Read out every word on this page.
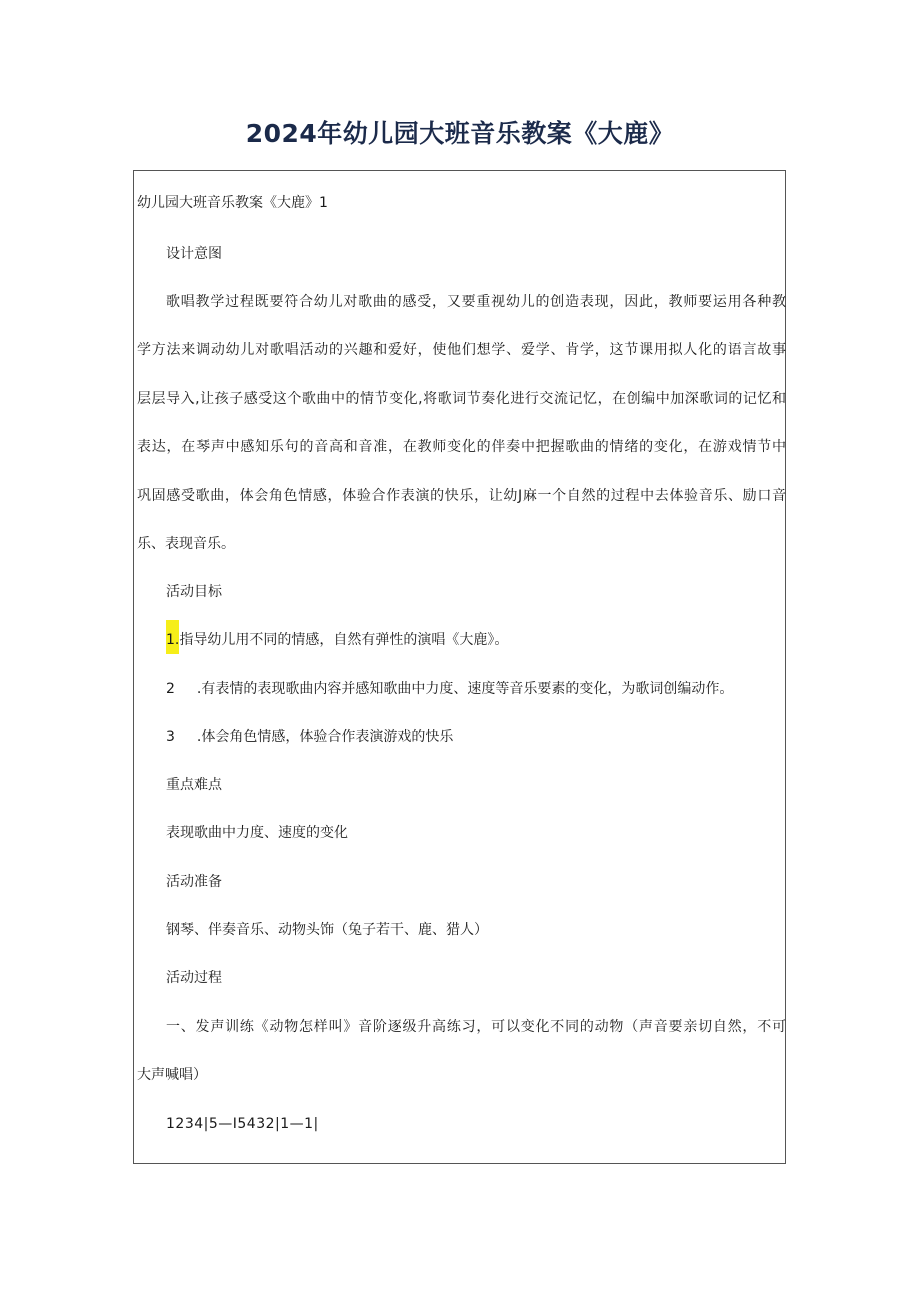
2024年幼儿园大班音乐教案《大鹿》

幼儿园大班音乐教案《大鹿》1

设计意图

歌唱教学过程既要符合幼儿对歌曲的感受，又要重视幼儿的创造表现，因此，教师要运用各种教

学方法来调动幼儿对歌唱活动的兴趣和爱好，使他们想学、爱学、肯学，这节课用拟人化的语言故事

层层导入,让孩子感受这个歌曲中的情节变化,将歌词节奏化进行交流记忆，在创编中加深歌词的记忆和

表达，在琴声中感知乐句的音高和音准，在教师变化的伴奏中把握歌曲的情绪的变化，在游戏情节中

巩固感受歌曲，体会角色情感，体验合作表演的快乐，让幼J麻一个自然的过程中去体验音乐、励口音

乐、表现音乐。

活动目标

1.指导幼儿用不同的情感，自然有弹性的演唱《大鹿》。

2 .有表情的表现歌曲内容并感知歌曲中力度、速度等音乐要素的变化，为歌词创编动作。

3 .体会角色情感，体验合作表演游戏的快乐

重点难点

表现歌曲中力度、速度的变化

活动准备

钢琴、伴奏音乐、动物头饰（兔子若干、鹿、猎人）

活动过程

一、发声训练《动物怎样叫》音阶逐级升高练习，可以变化不同的动物（声音要亲切自然，不可

大声喊唱）

1234|5—I5432|1—1|
